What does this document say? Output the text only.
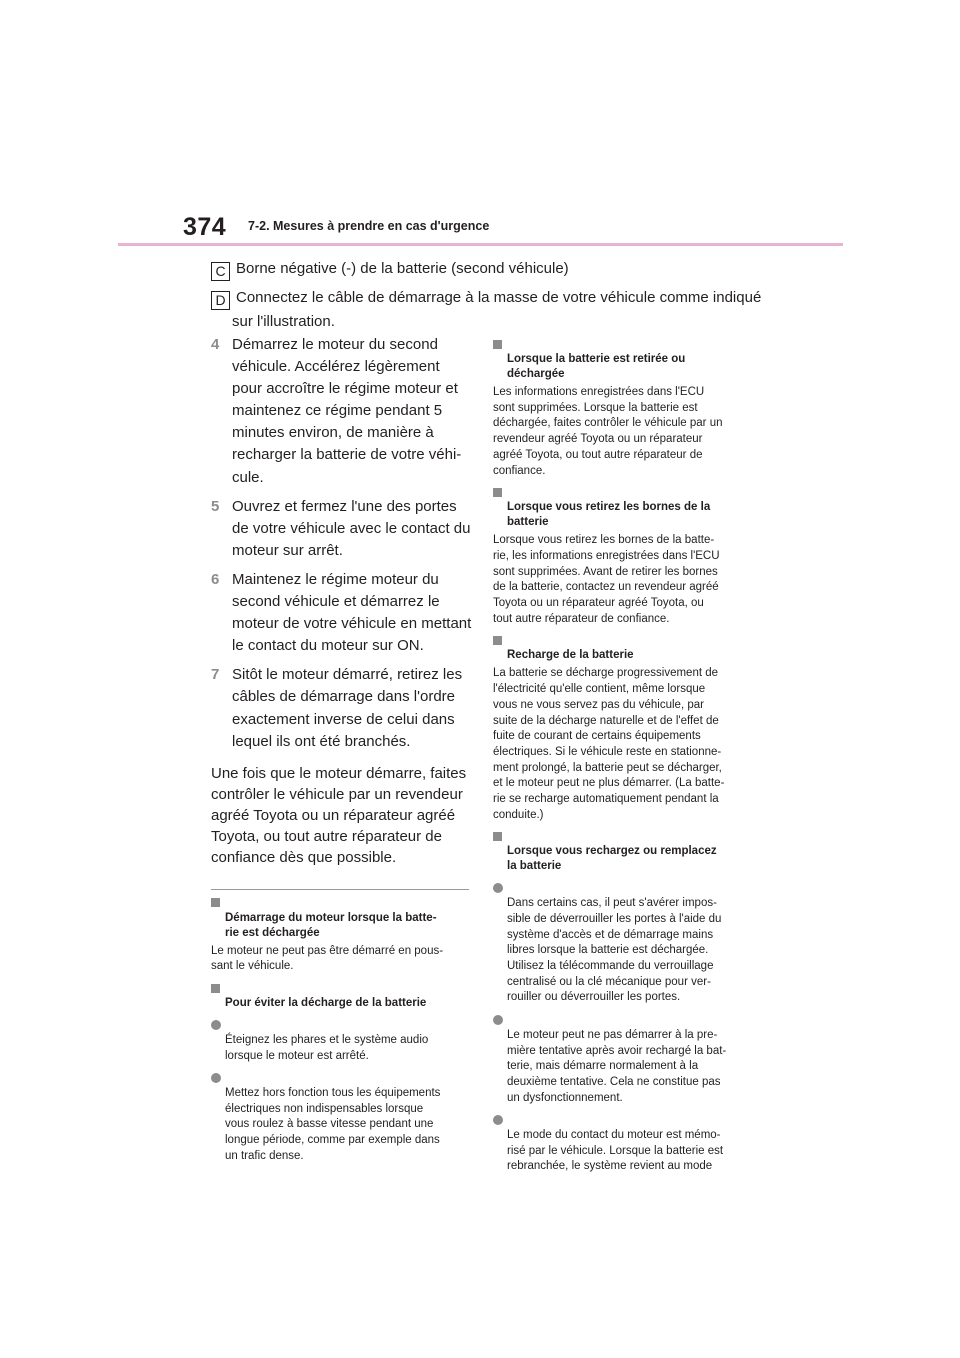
374 7-2. Mesures à prendre en cas d'urgence
C Borne négative (-) de la batterie (second véhicule)
D Connectez le câble de démarrage à la masse de votre véhicule comme indiqué
sur l'illustration.
4 Démarrez le moteur du second
véhicule. Accélérez légèrement
pour accroître le régime moteur et
maintenez ce régime pendant 5
minutes environ, de manière à
recharger la batterie de votre véhi-
cule.
5 Ouvrez et fermez l'une des portes
de votre véhicule avec le contact du
moteur sur arrêt.
6 Maintenez le régime moteur du
second véhicule et démarrez le
moteur de votre véhicule en mettant
le contact du moteur sur ON.
7 Sitôt le moteur démarré, retirez les
câbles de démarrage dans l'ordre
exactement inverse de celui dans
lequel ils ont été branchés.
Une fois que le moteur démarre, faites
contrôler le véhicule par un revendeur
agréé Toyota ou un réparateur agréé
Toyota, ou tout autre réparateur de
confiance dès que possible.

Démarrage du moteur lorsque la batte-
rie est déchargée

Le moteur ne peut pas être démarré en pous-
sant le véhicule.

Pour éviter la décharge de la batterie

Éteignez les phares et le système audio
lorsque le moteur est arrêté.

Mettez hors fonction tous les équipements
électriques non indispensables lorsque
vous roulez à basse vitesse pendant une
longue période, comme par exemple dans
un trafic dense.

Lorsque la batterie est retirée ou
déchargée

Les informations enregistrées dans l'ECU
sont supprimées. Lorsque la batterie est
déchargée, faites contrôler le véhicule par un
revendeur agréé Toyota ou un réparateur
agréé Toyota, ou tout autre réparateur de
confiance.

Lorsque vous retirez les bornes de la
batterie

Lorsque vous retirez les bornes de la batte-
rie, les informations enregistrées dans l'ECU
sont supprimées. Avant de retirer les bornes
de la batterie, contactez un revendeur agréé
Toyota ou un réparateur agréé Toyota, ou
tout autre réparateur de confiance.

Recharge de la batterie

La batterie se décharge progressivement de
l'électricité qu'elle contient, même lorsque
vous ne vous servez pas du véhicule, par
suite de la décharge naturelle et de l'effet de
fuite de courant de certains équipements
électriques. Si le véhicule reste en stationne-
ment prolongé, la batterie peut se décharger,
et le moteur peut ne plus démarrer. (La batte-
rie se recharge automatiquement pendant la
conduite.)

Lorsque vous rechargez ou remplacez
la batterie

Dans certains cas, il peut s'avérer impos-
sible de déverrouiller les portes à l'aide du
système d'accès et de démarrage mains
libres lorsque la batterie est déchargée.
Utilisez la télécommande du verrouillage
centralisé ou la clé mécanique pour ver-
rouiller ou déverrouiller les portes.

Le moteur peut ne pas démarrer à la pre-
mière tentative après avoir rechargé la bat-
terie, mais démarre normalement à la
deuxième tentative. Cela ne constitue pas
un dysfonctionnement.

Le mode du contact du moteur est mémo-
risé par le véhicule. Lorsque la batterie est
rebranchée, le système revient au mode
